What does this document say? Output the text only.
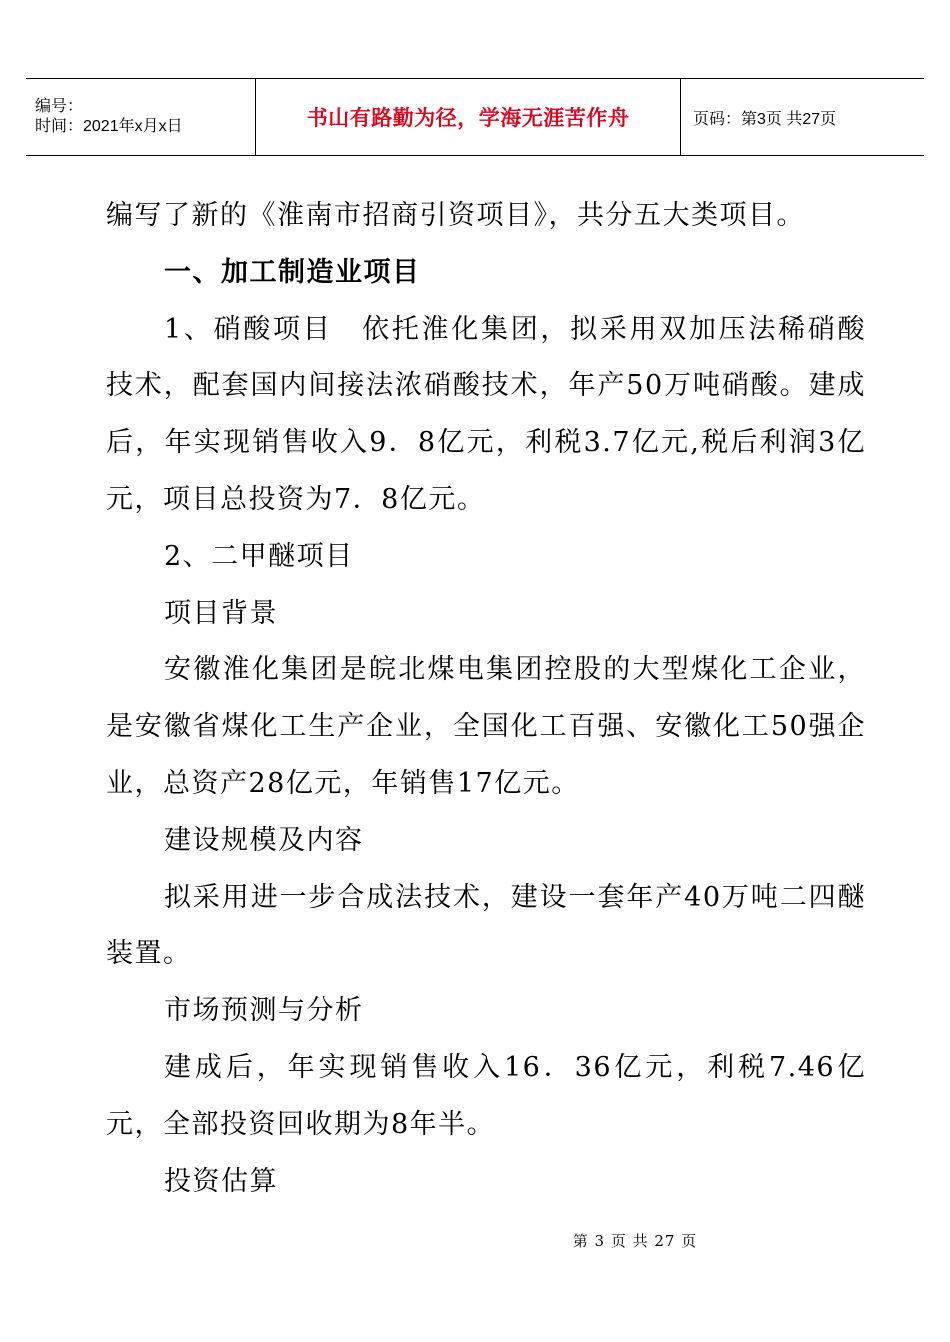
编号：
时间：2021年x月x日	书山有路勤为径，学海无涯苦作舟	页码：第3页 共27页

编写了新的《淮南市招商引资项目》，共分五大类项目。

一、加工制造业项目

1、硝酸项目　依托淮化集团，拟采用双加压法稀硝酸技术，配套国内间接法浓硝酸技术，年产50万吨硝酸。建成后，年实现销售收入9．8亿元，利税3.7亿元,税后利润3亿元，项目总投资为7．8亿元。

2、二甲醚项目

项目背景

安徽淮化集团是皖北煤电集团控股的大型煤化工企业，是安徽省煤化工生产企业，全国化工百强、安徽化工50强企业，总资产28亿元，年销售17亿元。

建设规模及内容

拟采用进一步合成法技术，建设一套年产40万吨二四醚装置。

市场预测与分析

建成后，年实现销售收入16．36亿元，利税7.46亿元，全部投资回收期为8年半。

投资估算

第 3 页 共 27 页
